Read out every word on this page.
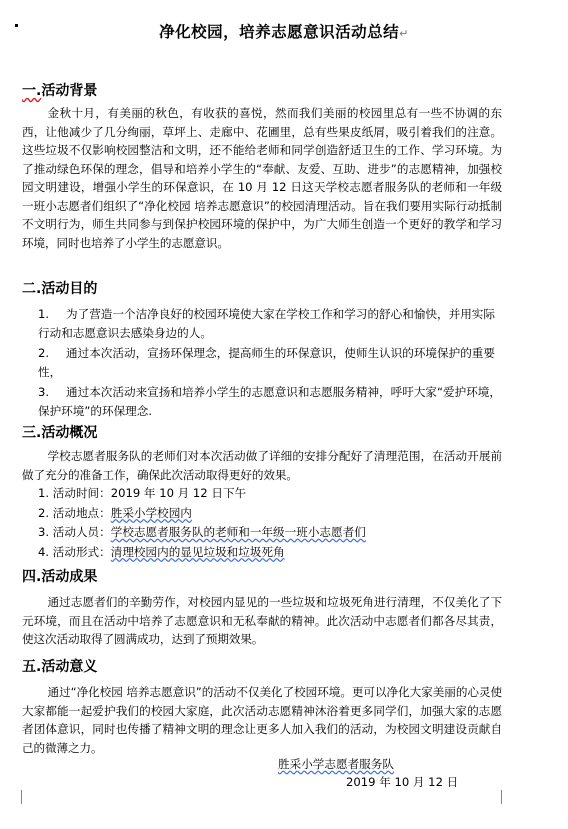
净化校园，培养志愿意识活动总结↵
一.活动背景
金秋十月，有美丽的秋色，有收获的喜悦，然而我们美丽的校园里总有一些不协调的东西，让他减少了几分绚丽，草坪上、走廊中、花圃里，总有些果皮纸屑，吸引着我们的注意。这些垃圾不仅影响校园整洁和文明，还不能给老师和同学创造舒适卫生的工作、学习环境。为了推动绿色环保的理念，倡导和培养小学生的“奉献、友爱、互助、进步”的志愿精神，加强校园文明建设，增强小学生的环保意识，在 10 月 12 日这天学校志愿者服务队的老师和一年级一班小志愿者们组织了“净化校园 培养志愿意识”的校园清理活动。旨在我们要用实际行动抵制不文明行为，师生共同参与到保护校园环境的保护中，为广大师生创造一个更好的教学和学习环境，同时也培养了小学生的志愿意识。
二.活动目的
1. 为了营造一个洁净良好的校园环境使大家在学校工作和学习的舒心和愉快，并用实际行动和志愿意识去感染身边的人。
2. 通过本次活动，宣扬环保理念，提高师生的环保意识，使师生认识的环境保护的重要性，
3. 通过本次活动来宣扬和培养小学生的志愿意识和志愿服务精神，呼吁大家“爱护环境，保护环境”的环保理念.
三.活动概况
学校志愿者服务队的老师们对本次活动做了详细的安排分配好了清理范围，在活动开展前做了充分的准备工作，确保此次活动取得更好的效果。
1. 活动时间：2019 年 10 月 12 日下午
2. 活动地点：胜采小学校园内
3. 活动人员：学校志愿者服务队的老师和一年级一班小志愿者们
4. 活动形式：清理校园内的显见垃圾和垃圾死角
四.活动成果
通过志愿者们的辛勤劳作，对校园内显见的一些垃圾和垃圾死角进行清理，不仅美化了下元环境，而且在活动中培养了志愿意识和无私奉献的精神。此次活动中志愿者们都各尽其责，使这次活动取得了圆满成功，达到了预期效果。
五.活动意义
通过“净化校园 培养志愿意识”的活动不仅美化了校园环境。更可以净化大家美丽的心灵使大家都能一起爱护我们的校园大家庭，此次活动志愿精神沐浴着更多同学们，加强大家的志愿者团体意识，同时也传播了精神文明的理念让更多人加入我们的活动，为校园文明建设贡献自己的微薄之力。
胜采小学志愿者服务队
2019 年 10 月 12 日
